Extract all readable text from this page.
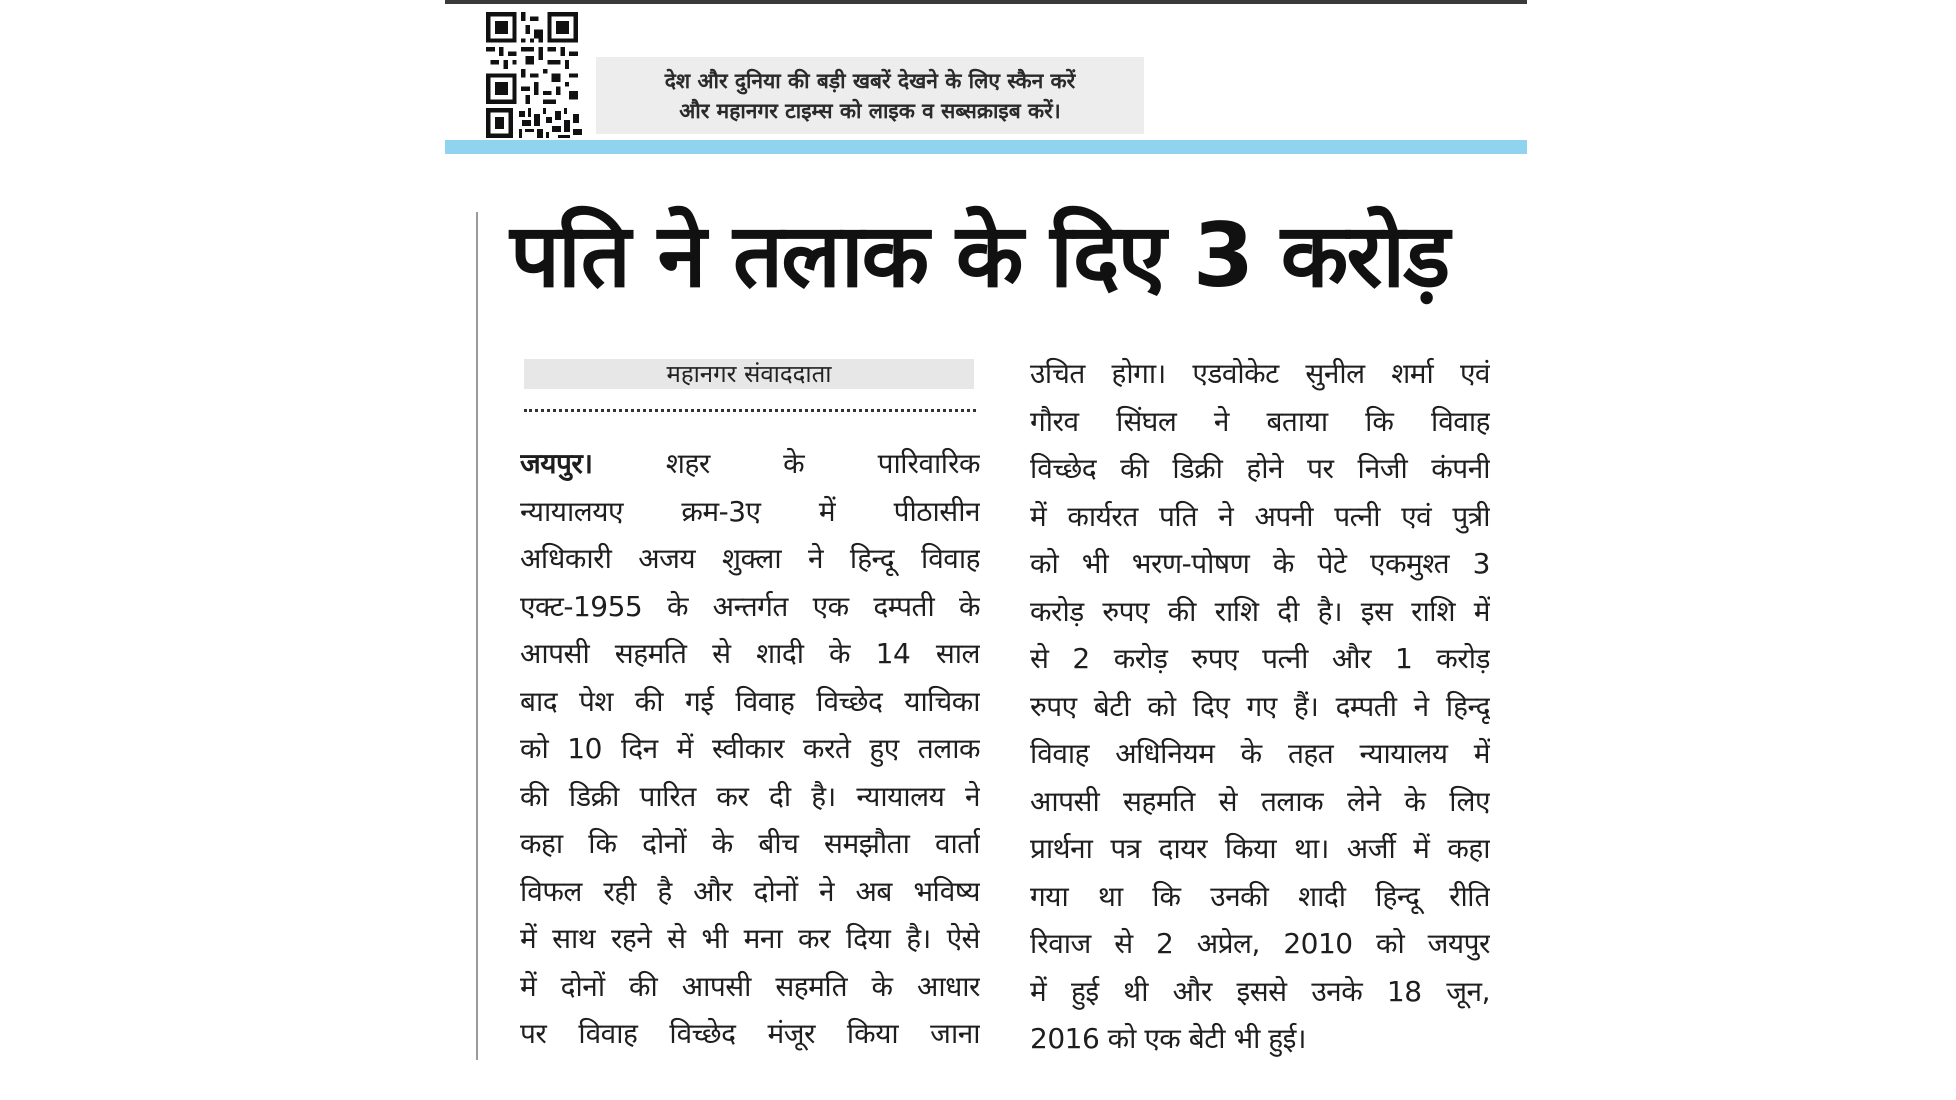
देश और दुनिया की बड़ी खबरें देखने के लिए स्कैन करें
और महानगर टाइम्स को लाइक व सब्सक्राइब करें।
पति ने तलाक के दिए 3 करोड़
महानगर संवाददाता
जयपुर।	शहर के पारिवारिक
न्यायालयए क्रम-3ए में पीठासीन
अधिकारी अजय शुक्ला ने हिन्दू विवाह
एक्ट-1955 के अन्तर्गत एक दम्पती के
आपसी सहमति से शादी के 14 साल
बाद पेश की गई विवाह विच्छेद याचिका
को 10 दिन में स्वीकार करते हुए तलाक
की डिक्री पारित कर दी है। न्यायालय ने
कहा कि दोनों के बीच समझौता वार्ता
विफल रही है और दोनों ने अब भविष्य
में साथ रहने से भी मना कर दिया है। ऐसे
में दोनों की आपसी सहमति के आधार
पर विवाह विच्छेद मंजूर किया जाना
उचित होगा। एडवोकेट सुनील शर्मा एवं
गौरव सिंघल ने बताया कि विवाह
विच्छेद की डिक्री होने पर निजी कंपनी
में कार्यरत पति ने अपनी पत्नी एवं पुत्री
को भी भरण-पोषण के पेटे एकमुश्त 3
करोड़ रुपए की राशि दी है। इस राशि में
से 2 करोड़ रुपए पत्नी और 1 करोड़
रुपए बेटी को दिए गए हैं। दम्पती ने हिन्दू
विवाह अधिनियम के तहत न्यायालय में
आपसी सहमति से तलाक लेने के लिए
प्रार्थना पत्र दायर किया था। अर्जी में कहा
गया था कि उनकी शादी हिन्दू रीति
रिवाज से 2 अप्रेल, 2010 को जयपुर
में हुई थी और इससे उनके 18 जून,
2016 को एक बेटी भी हुई।
